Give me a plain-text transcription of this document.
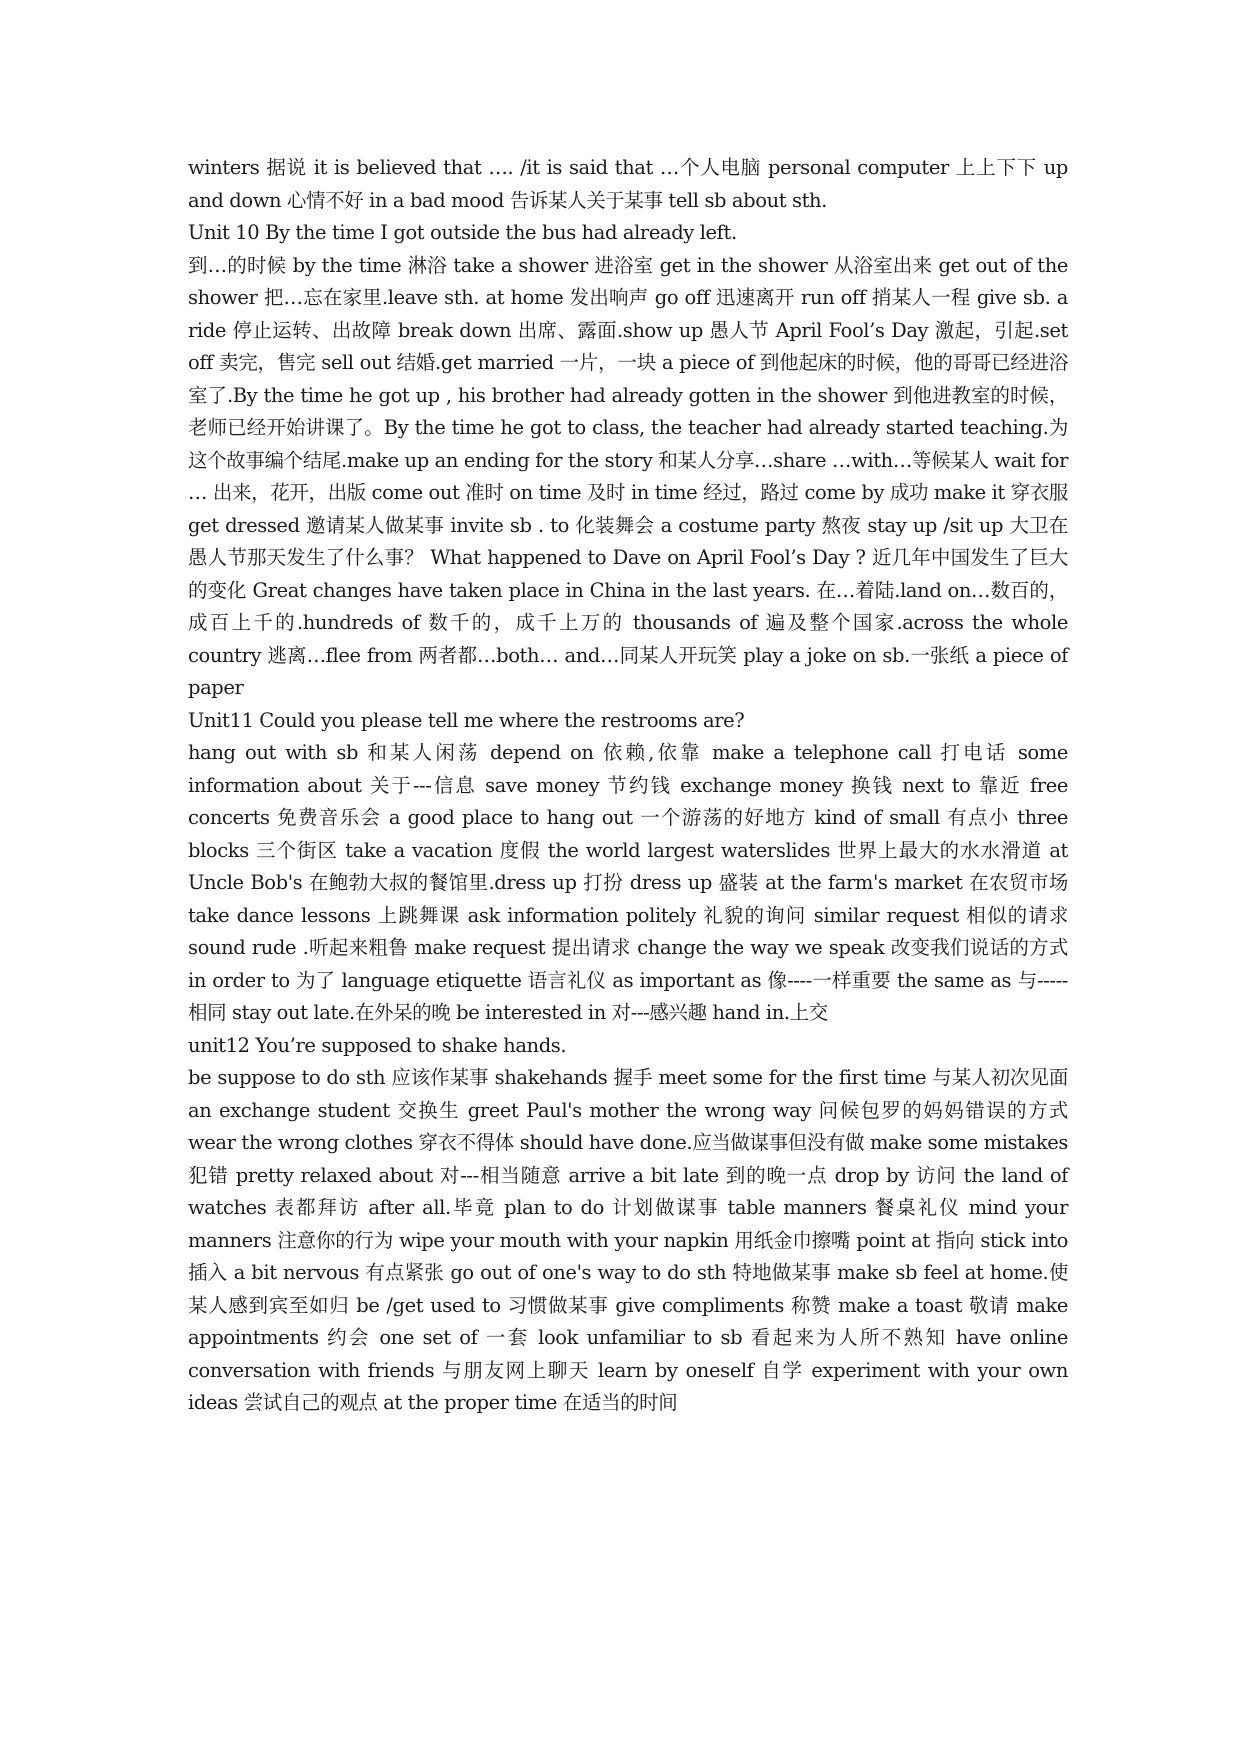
winters 据说 it is believed that …. /it is said that …个人电脑 personal computer 上上下下 up and down 心情不好 in a bad mood 告诉某人关于某事 tell sb about sth.

Unit 10 By the time I got outside the bus had already left.

到…的时候 by the time 淋浴 take a shower 进浴室 get in the shower 从浴室出来 get out of the shower 把…忘在家里.leave sth. at home 发出响声 go off 迅速离开 run off 捎某人一程 give sb. a ride 停止运转、出故障 break down 出席、露面.show up 愚人节 April Fool’s Day 激起，引起.set off 卖完，售完 sell out 结婚.get married 一片，一块 a piece of 到他起床的时候，他的哥哥已经进浴室了.By the time he got up , his brother had already gotten in the shower 到他进教室的时候，老师已经开始讲课了。By the time he got to class, the teacher had already started teaching.为这个故事编个结尾.make up an ending for the story 和某人分享…share …with…等候某人 wait for … 出来，花开，出版 come out 准时 on time 及时 in time 经过，路过 come by 成功 make it 穿衣服 get dressed 邀请某人做某事 invite sb . to 化装舞会 a costume party 熬夜 stay up /sit up 大卫在愚人节那天发生了什么事？ What happened to Dave on April Fool’s Day ? 近几年中国发生了巨大的变化 Great changes have taken place in China in the last years. 在…着陆.land on…数百的，成百上千的.hundreds of 数千的，成千上万的 thousands of 遍及整个国家.across the whole country 逃离…flee from 两者都…both… and…同某人开玩笑 play a joke on sb.一张纸 a piece of paper

Unit11 Could you please tell me where the restrooms are?

hang out with sb 和某人闲荡 depend on 依赖,依靠 make a telephone call 打电话 some information about 关于---信息 save money 节约钱 exchange money 换钱 next to 靠近 free concerts 免费音乐会 a good place to hang out 一个游荡的好地方 kind of small 有点小 three blocks 三个街区 take a vacation 度假 the world largest waterslides 世界上最大的水水滑道 at Uncle Bob's 在鲍勃大叔的餐馆里.dress up 打扮 dress up 盛装 at the farm's market 在农贸市场 take dance lessons 上跳舞课 ask information politely 礼貌的询问 similar request 相似的请求 sound rude .听起来粗鲁 make request 提出请求 change the way we speak 改变我们说话的方式 in order to 为了 language etiquette 语言礼仪 as important as 像----一样重要 the same as 与-----相同 stay out late.在外呆的晚 be interested in 对---感兴趣 hand in.上交

unit12 You’re supposed to shake hands.

be suppose to do sth 应该作某事 shakehands 握手 meet some for the first time 与某人初次见面 an exchange student 交换生 greet Paul's mother the wrong way 问候包罗的妈妈错误的方式 wear the wrong clothes 穿衣不得体 should have done.应当做谋事但没有做 make some mistakes 犯错 pretty relaxed about 对---相当随意 arrive a bit late 到的晚一点 drop by 访问 the land of watches 表都拜访 after all.毕竟 plan to do 计划做谋事 table manners 餐桌礼仪 mind your manners 注意你的行为 wipe your mouth with your napkin 用纸金巾擦嘴 point at 指向 stick into 插入 a bit nervous 有点紧张 go out of one's way to do sth 特地做某事 make sb feel at home.使某人感到宾至如归 be /get used to 习惯做某事 give compliments 称赞 make a toast 敬请 make appointments 约会 one set of 一套 look unfamiliar to sb 看起来为人所不熟知 have online conversation with friends 与朋友网上聊天 learn by oneself 自学 experiment with your own ideas 尝试自己的观点 at the proper time 在适当的时间
